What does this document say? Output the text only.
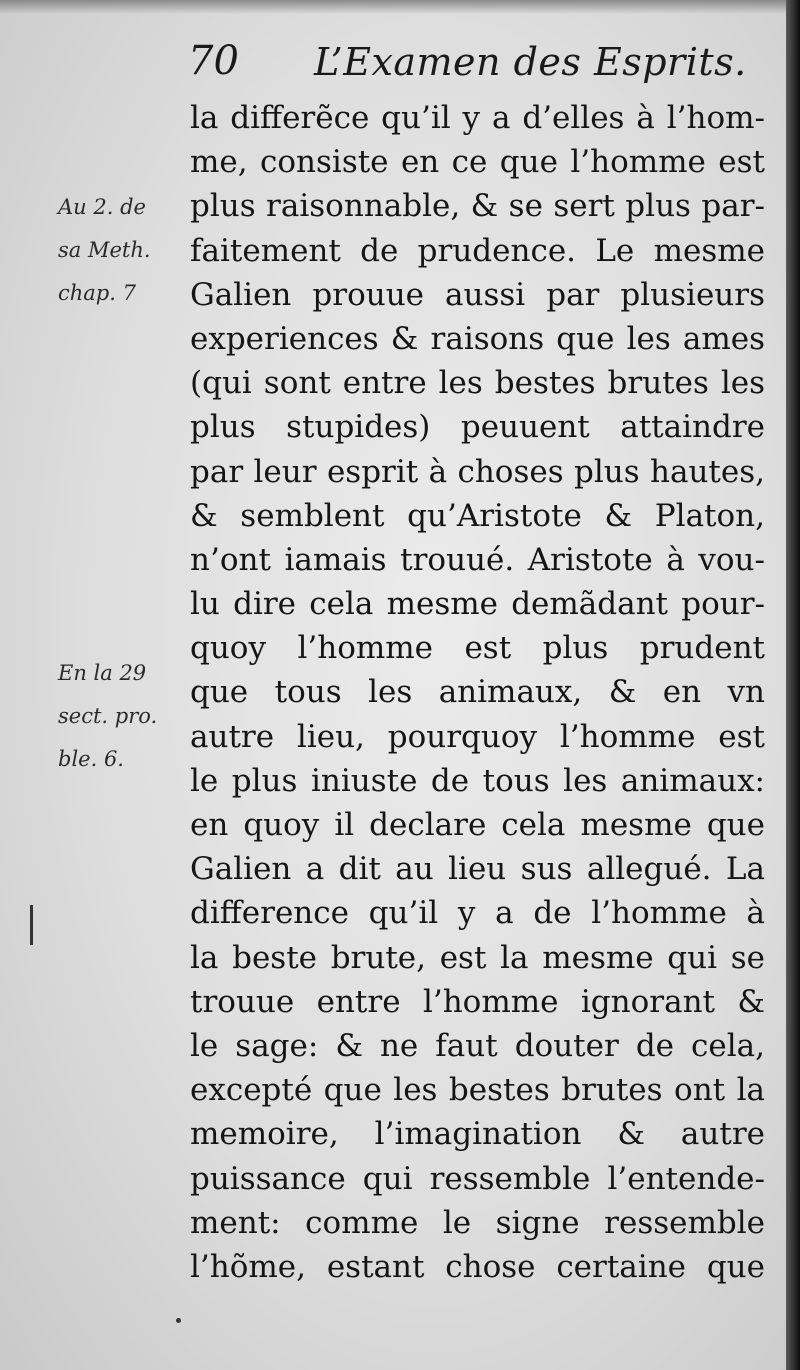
70 L’Examen des Esprits.
Au 2. de
sa Meth.
chap. 7
En la 29
sect. pro.
ble. 6.
la differẽce qu’il y a d’elles à l’hom-
me, consiste en ce que l’homme est
plus raisonnable, & se sert plus par-
faitement de prudence. Le mesme
Galien prouue aussi par plusieurs
experiences & raisons que les ames
(qui sont entre les bestes brutes les
plus stupides) peuuent attaindre
par leur esprit à choses plus hautes,
& semblent qu’Aristote & Platon,
n’ont iamais trouué. Aristote à vou-
lu dire cela mesme demãdant pour-
quoy l’homme est plus prudent
que tous les animaux, & en vn
autre lieu, pourquoy l’homme est
le plus iniuste de tous les animaux:
en quoy il declare cela mesme que
Galien a dit au lieu sus allegué. La
difference qu’il y a de l’homme à
la beste brute, est la mesme qui se
trouue entre l’homme ignorant &
le sage: & ne faut douter de cela,
excepté que les bestes brutes ont la
memoire, l’imagination & autre
puissance qui ressemble l’entende-
ment: comme le signe ressemble
l’hõme, estant chose certaine que
